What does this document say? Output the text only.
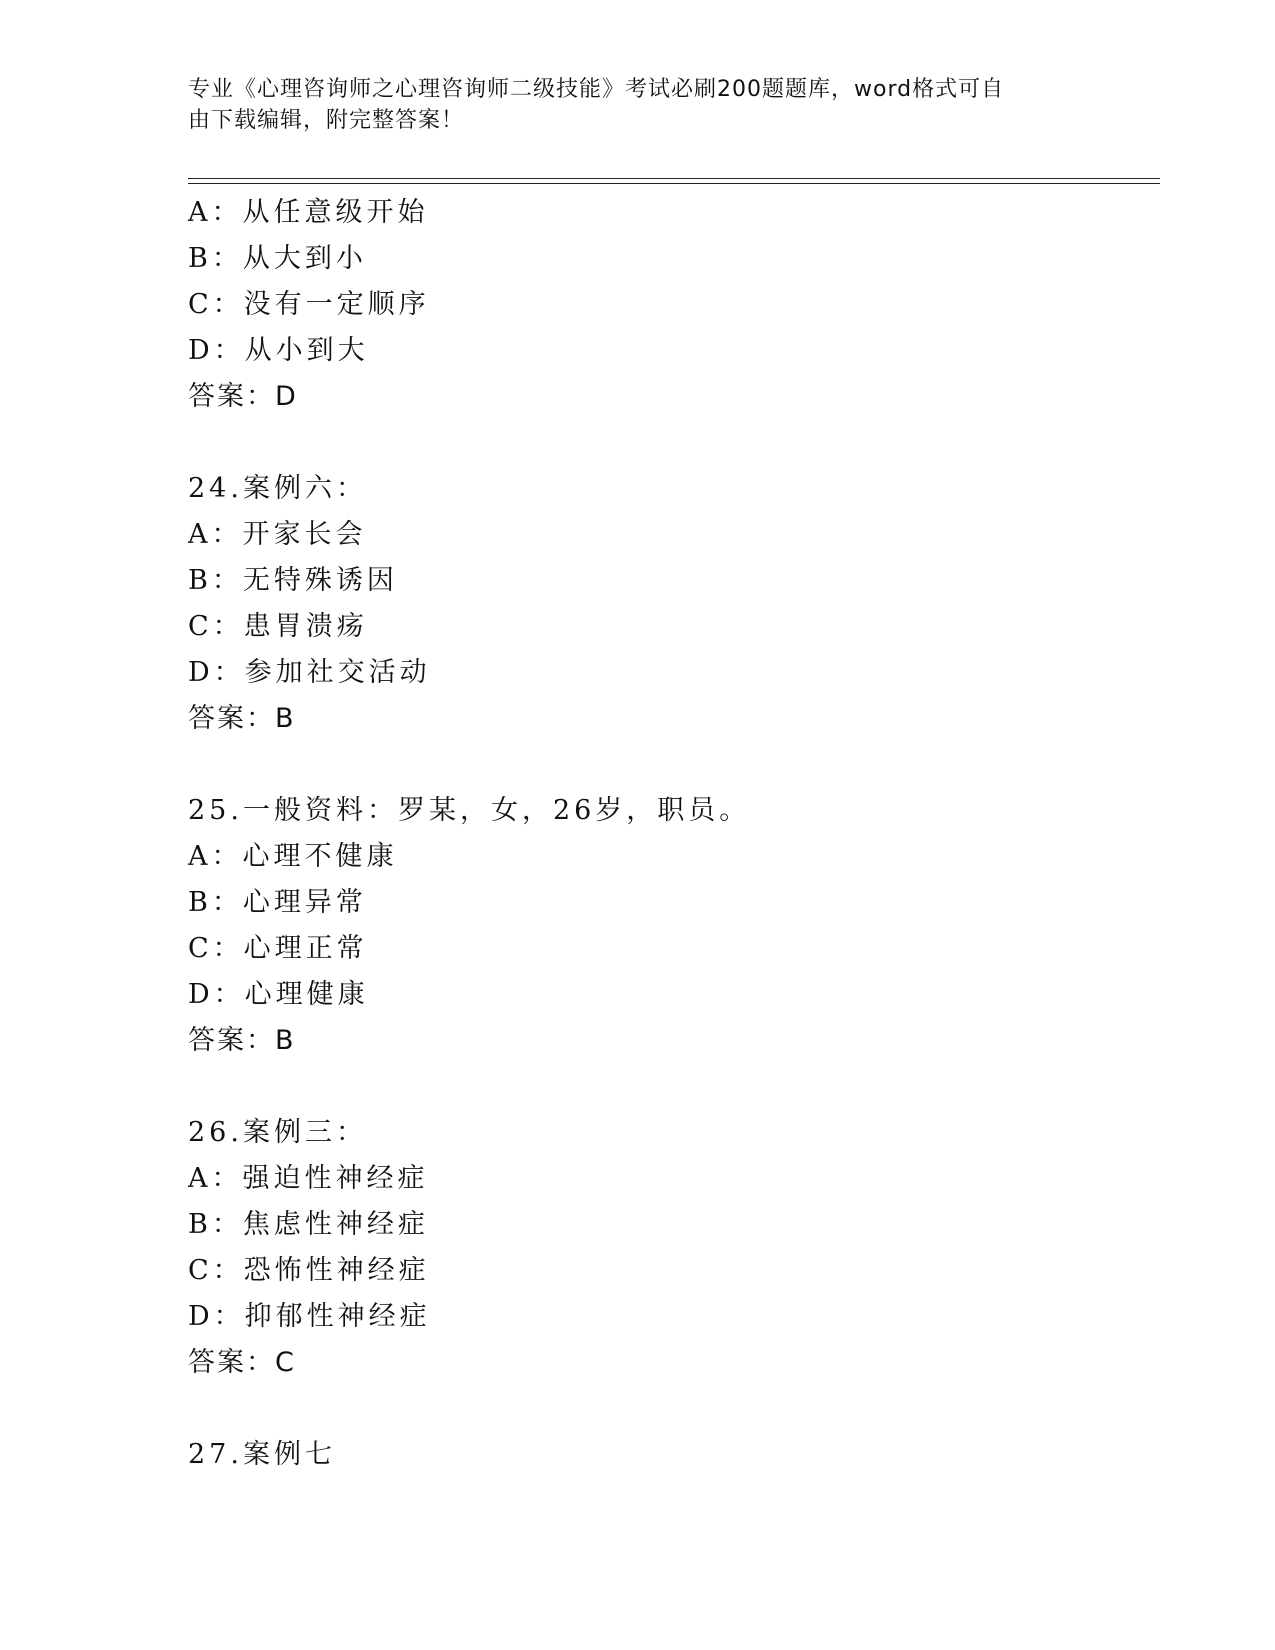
专业《心理咨询师之心理咨询师二级技能》考试必刷200题题库，word格式可自
由下载编辑，附完整答案！
A：从任意级开始
B：从大到小
C：没有一定顺序
D：从小到大
答案：D
24.案例六：
A：开家长会
B：无特殊诱因
C：患胃溃疡
D：参加社交活动
答案：B
25.一般资料：罗某，女，26岁，职员。
A：心理不健康
B：心理异常
C：心理正常
D：心理健康
答案：B
26.案例三：
A：强迫性神经症
B：焦虑性神经症
C：恐怖性神经症
D：抑郁性神经症
答案：C
27.案例七
